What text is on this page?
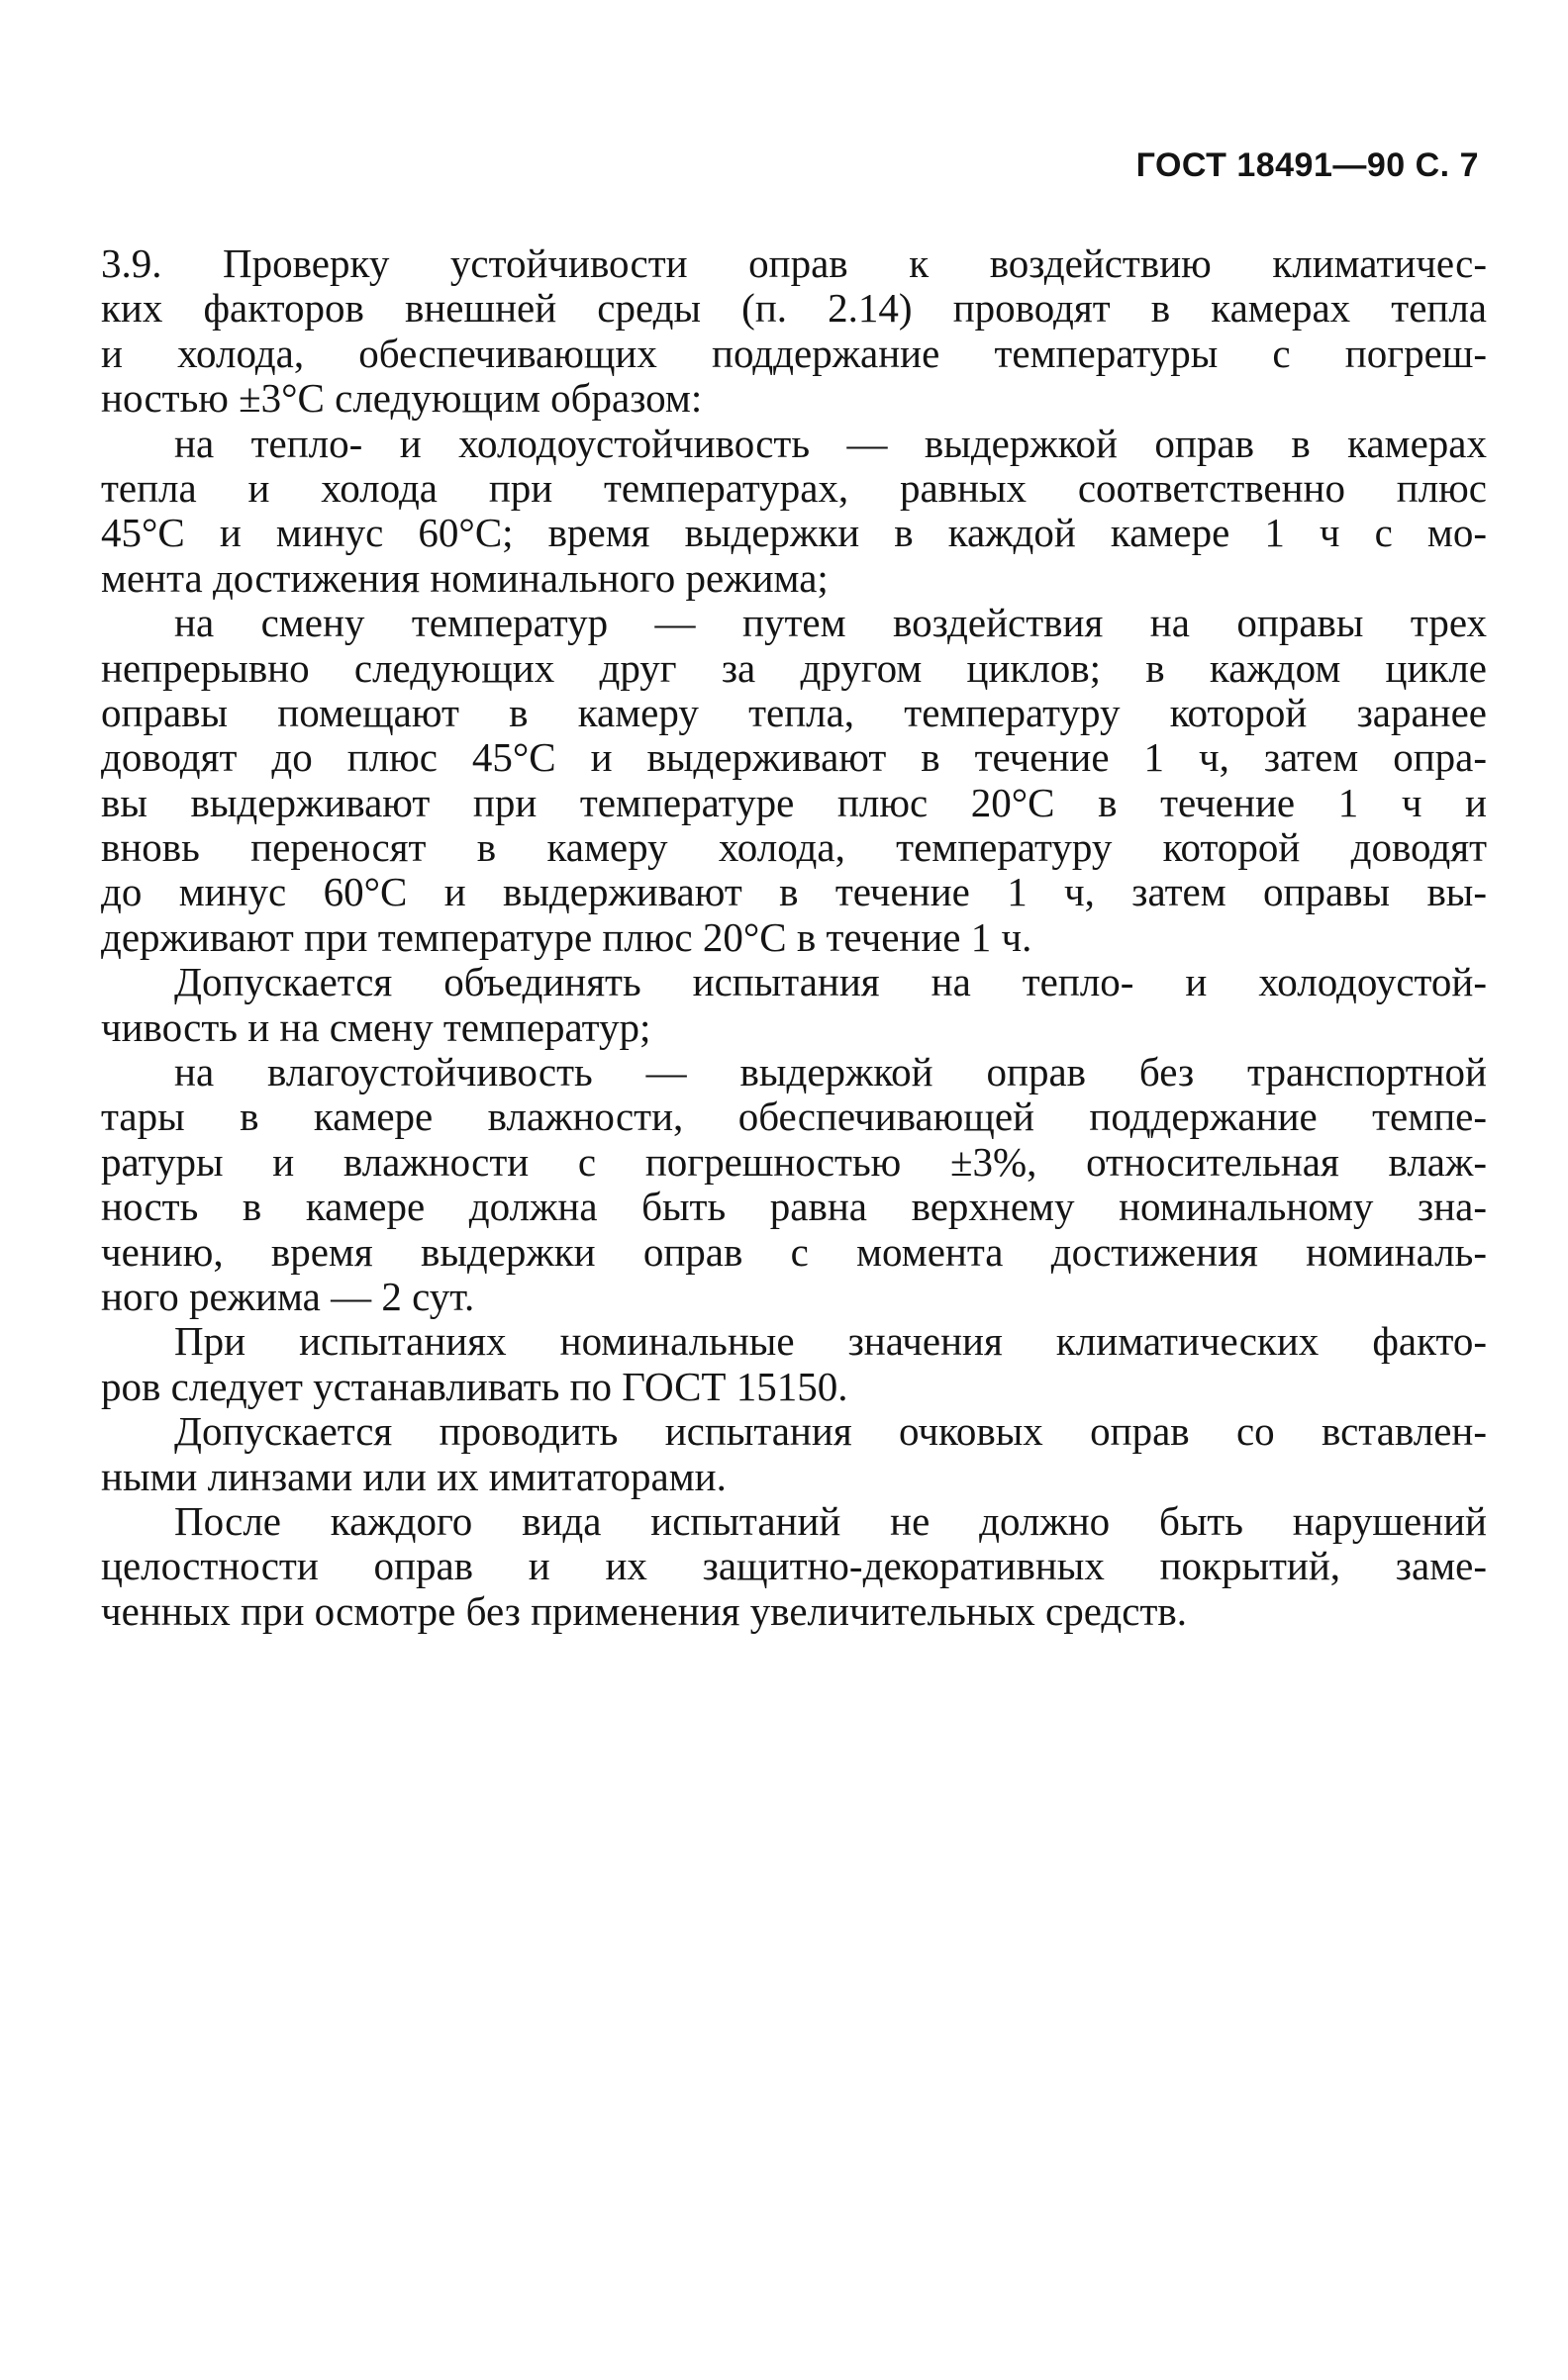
ГОСТ 18491—90 С. 7
3.9. Проверку устойчивости оправ к воздействию климатичес-
ких факторов внешней среды (п. 2.14) проводят в камерах тепла
и холода, обеспечивающих поддержание температуры с погреш-
ностью ±3°С следующим образом:
на тепло- и холодоустойчивость — выдержкой оправ в камерах
тепла и холода при температурах, равных соответственно плюс
45°С и минус 60°С; время выдержки в каждой камере 1 ч с мо-
мента достижения номинального режима;
на смену температур — путем воздействия на оправы трех
непрерывно следующих друг за другом циклов; в каждом цикле
оправы помещают в камеру тепла, температуру которой заранее
доводят до плюс 45°С и выдерживают в течение 1 ч, затем опра-
вы выдерживают при температуре плюс 20°С в течение 1 ч и
вновь переносят в камеру холода, температуру которой доводят
до минус 60°С и выдерживают в течение 1 ч, затем оправы вы-
держивают при температуре плюс 20°С в течение 1 ч.
Допускается объединять испытания на тепло- и холодоустой-
чивость и на смену температур;
на влагоустойчивость — выдержкой оправ без транспортной
тары в камере влажности, обеспечивающей поддержание темпе-
ратуры и влажности с погрешностью ±3%, относительная влаж-
ность в камере должна быть равна верхнему номинальному зна-
чению, время выдержки оправ с момента достижения номиналь-
ного режима — 2 сут.
При испытаниях номинальные значения климатических факто-
ров следует устанавливать по ГОСТ 15150.
Допускается проводить испытания очковых оправ со вставлен-
ными линзами или их имитаторами.
После каждого вида испытаний не должно быть нарушений
целостности оправ и их защитно-декоративных покрытий, заме-
ченных при осмотре без применения увеличительных средств.
